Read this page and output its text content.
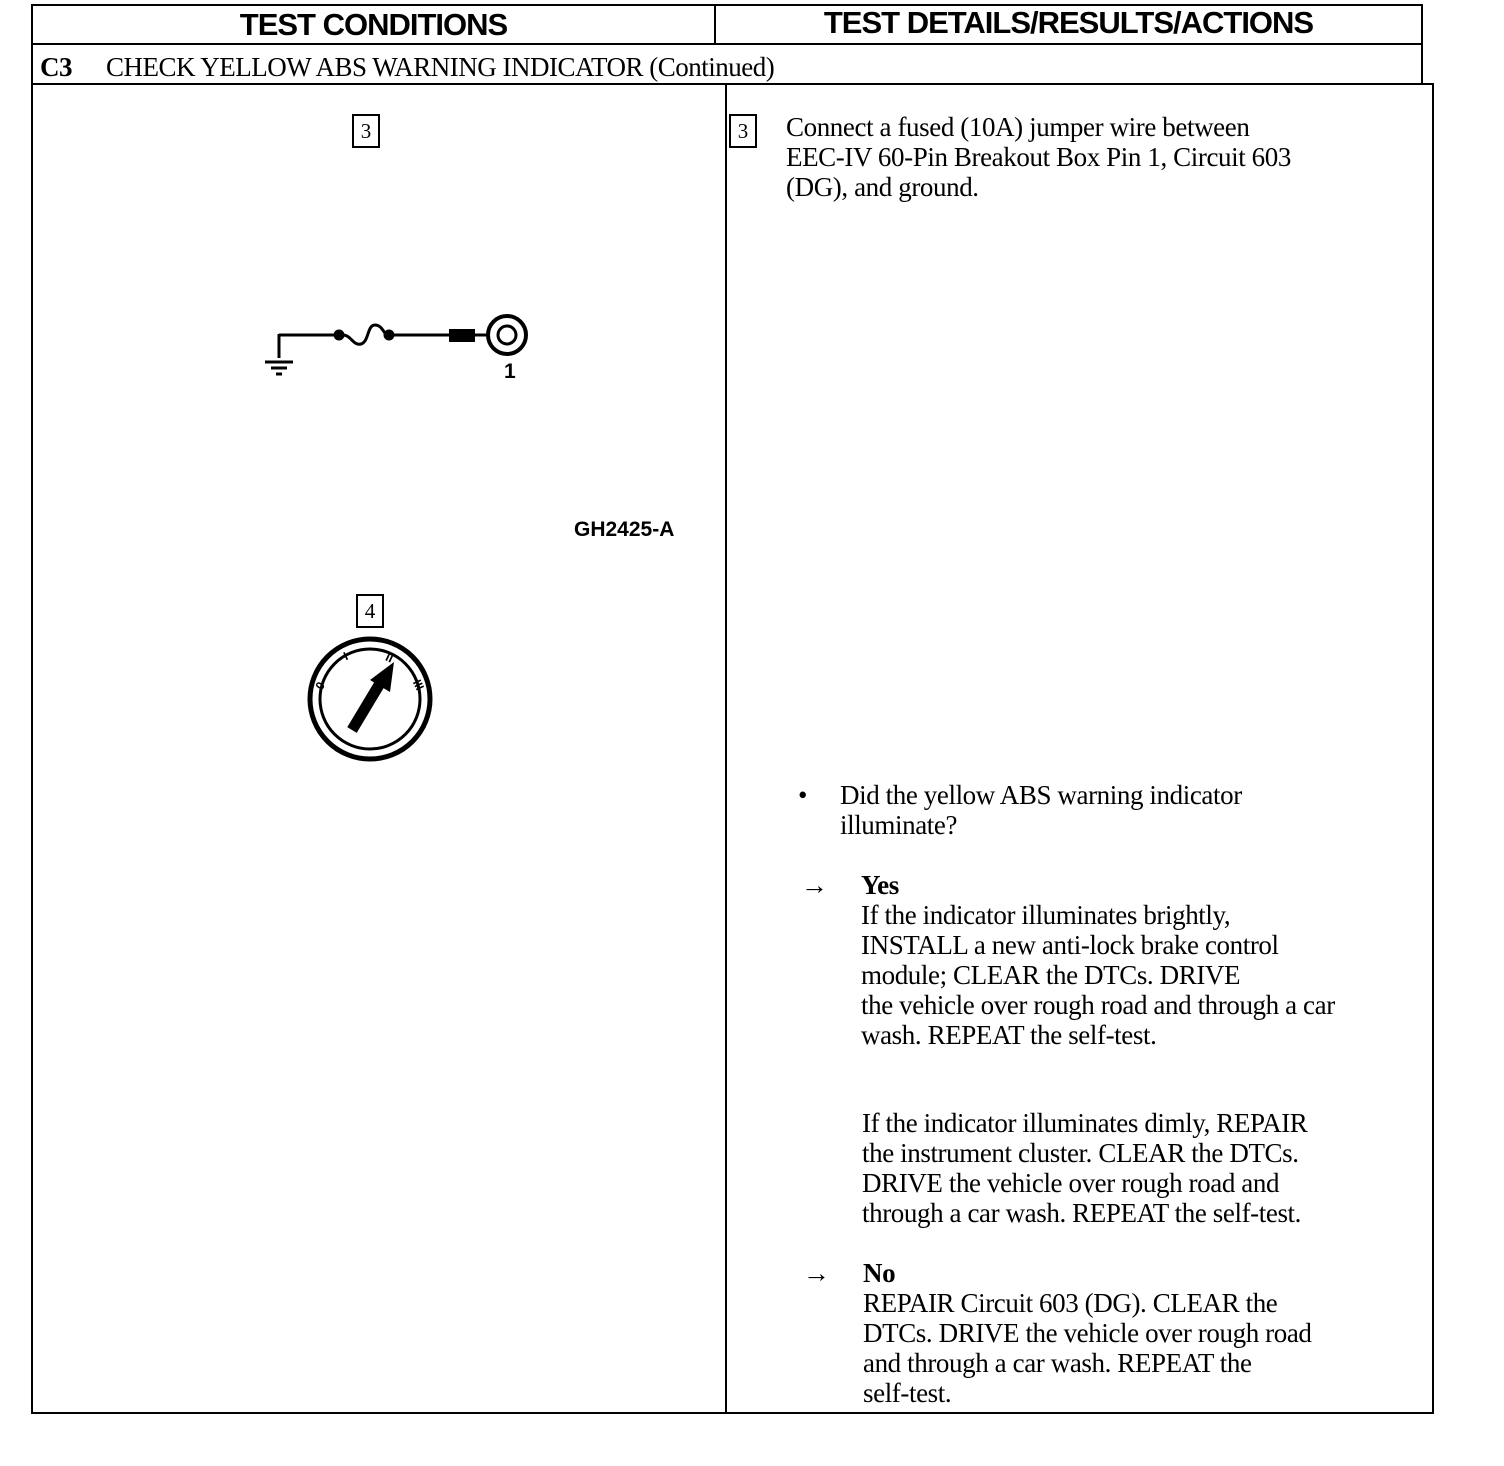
TEST CONDITIONS	TEST DETAILS/RESULTS/ACTIONS
C3 CHECK YELLOW ABS WARNING INDICATOR (Continued)
3
1
GH2425-A
4
0
I	II
III
3	Connect a fused (10A) jumper wire between

EEC-IV 60-Pin Breakout Box Pin 1, Circuit 603

(DG), and ground.

• Did the yellow ABS warning indicator

illuminate?

→ Yes

If the indicator illuminates brightly,

INSTALL a new anti-lock brake control

module; CLEAR the DTCs. DRIVE

the vehicle over rough road and through a car

wash. REPEAT the self-test.

If the indicator illuminates dimly, REPAIR

the instrument cluster. CLEAR the DTCs.

DRIVE the vehicle over rough road and

through a car wash. REPEAT the self-test.

→ No

REPAIR Circuit 603 (DG). CLEAR the

DTCs. DRIVE the vehicle over rough road

and through a car wash. REPEAT the

self-test.
